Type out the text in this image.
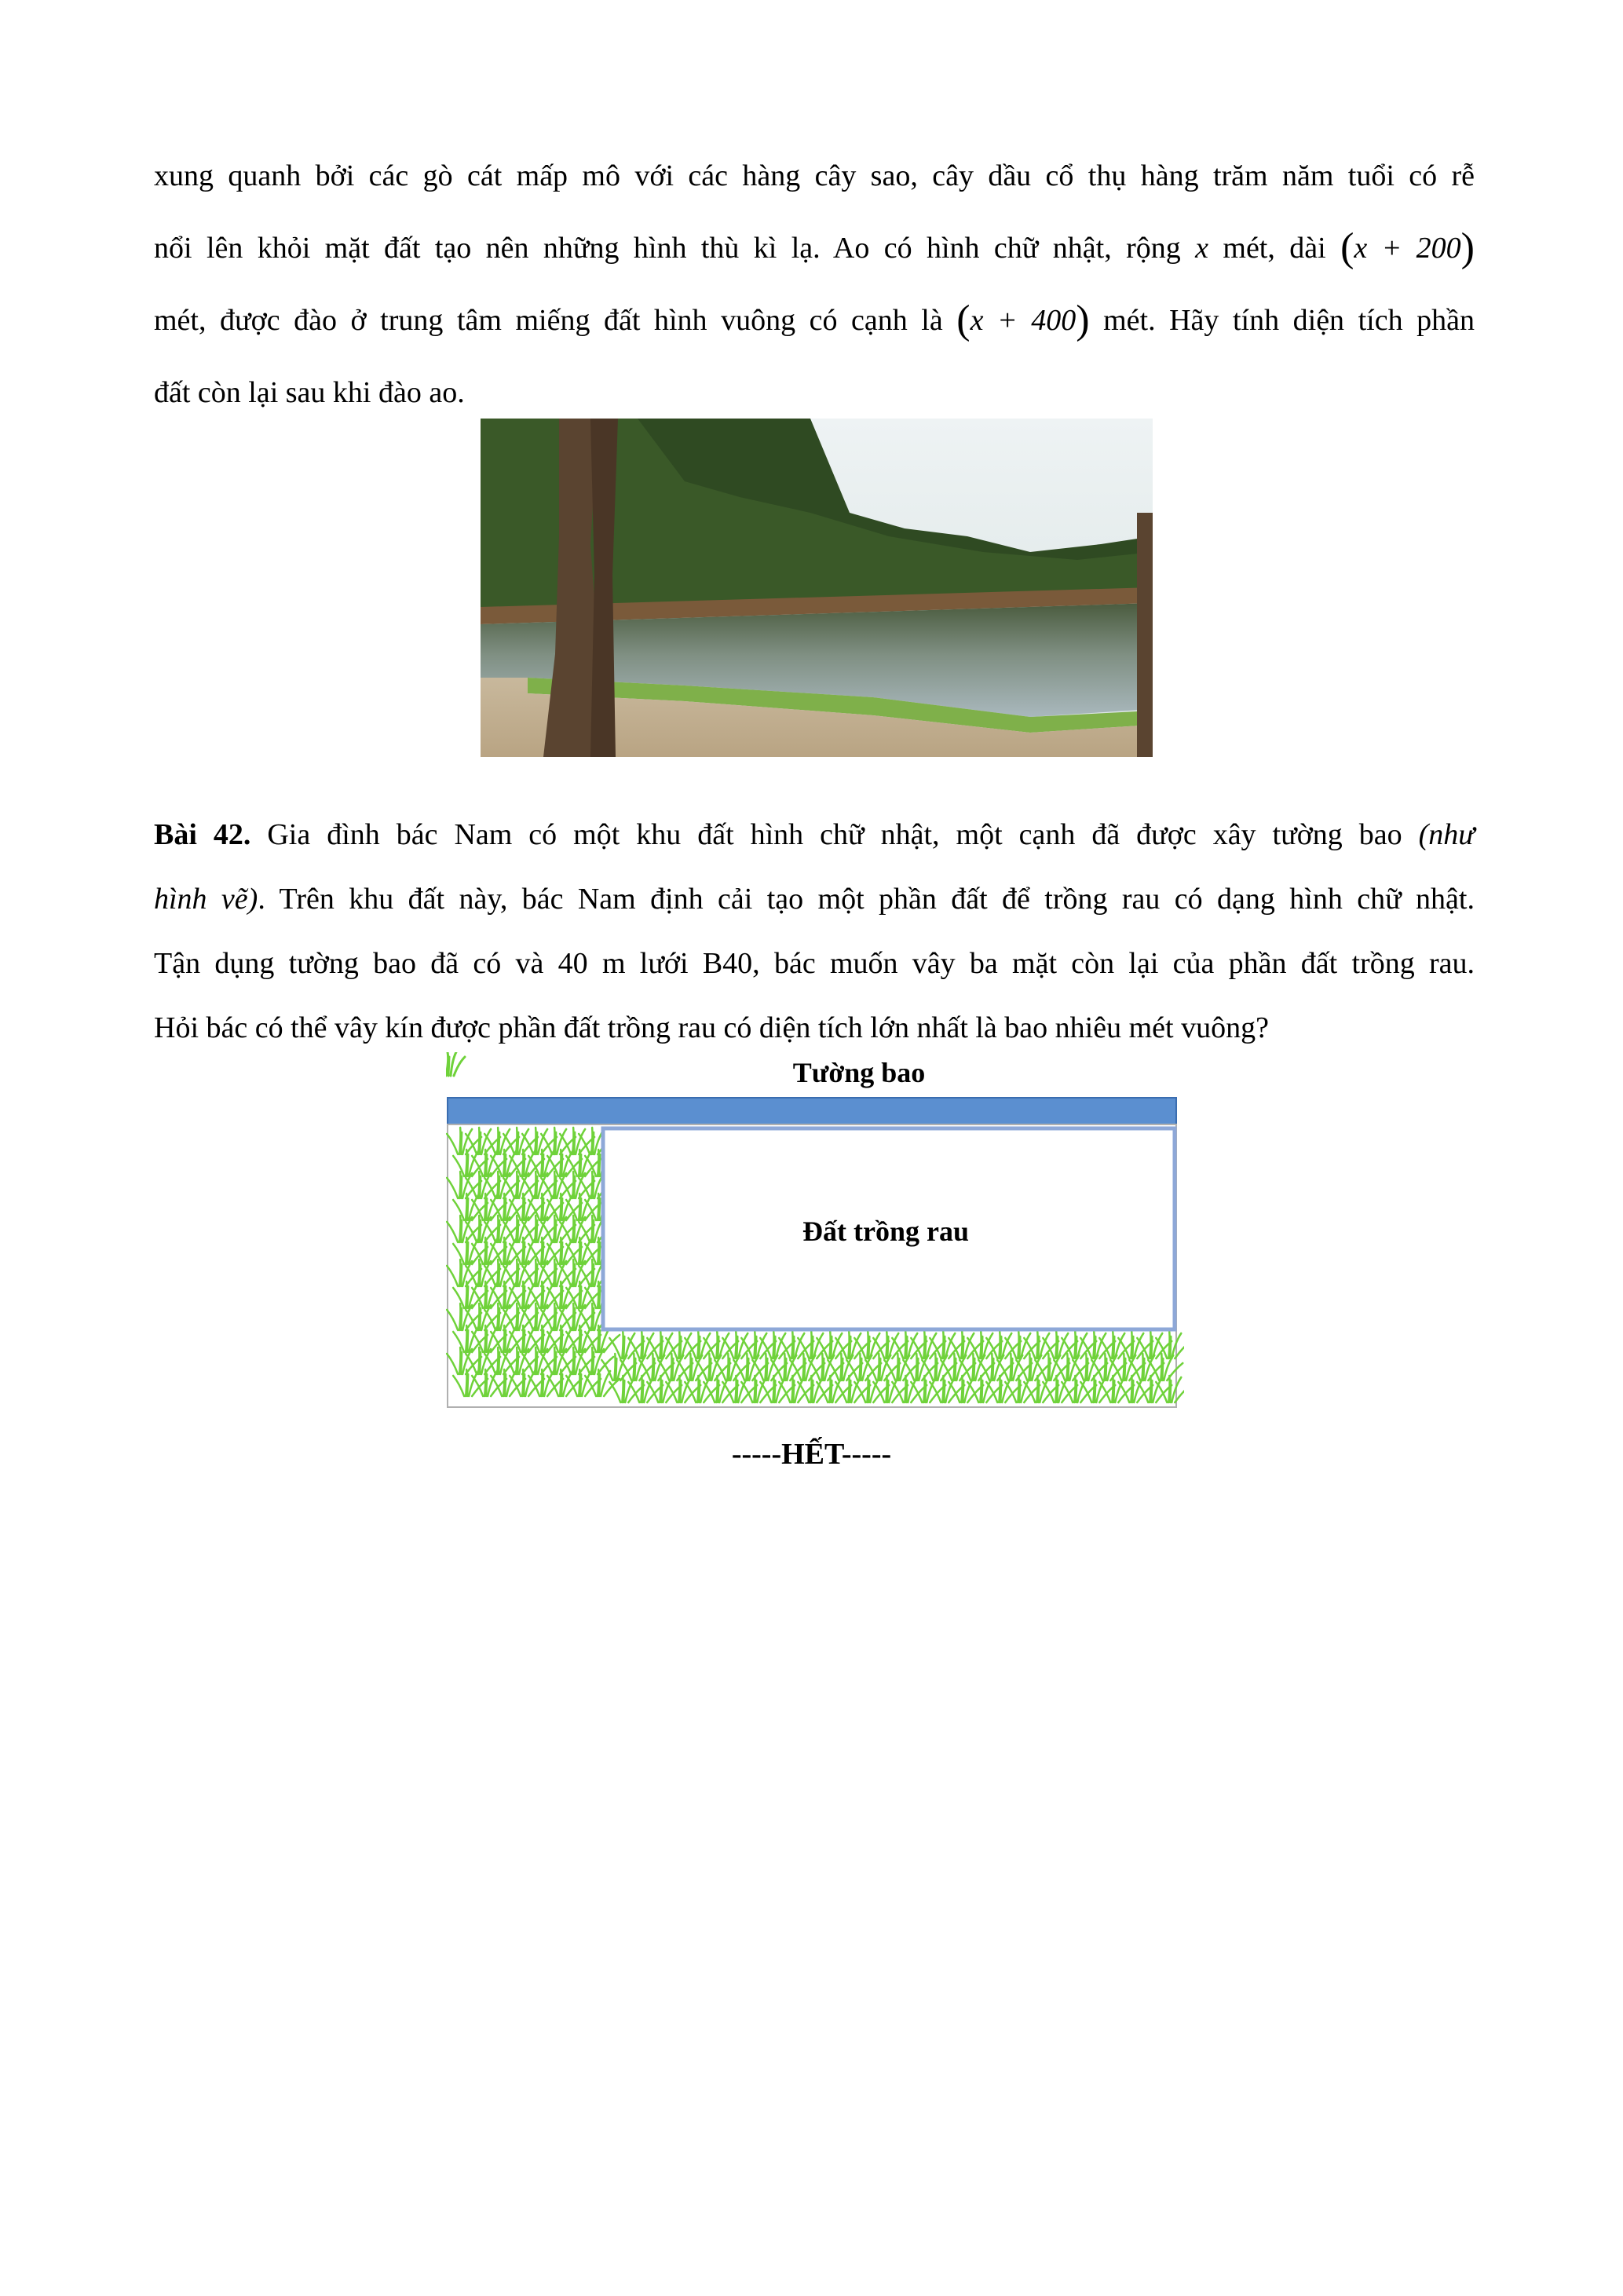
xung quanh bởi các gò cát mấp mô với các hàng cây sao, cây dầu cổ thụ hàng trăm năm tuổi có rễ
nổi lên khỏi mặt đất tạo nên những hình thù kì lạ. Ao có hình chữ nhật, rộng x mét, dài (x + 200)
mét, được đào ở trung tâm miếng đất hình vuông có cạnh là (x + 400) mét. Hãy tính diện tích phần
đất còn lại sau khi đào ao.
Bài 42. Gia đình bác Nam có một khu đất hình chữ nhật, một cạnh đã được xây tường bao (như
hình vẽ). Trên khu đất này, bác Nam định cải tạo một phần đất để trồng rau có dạng hình chữ nhật.
Tận dụng tường bao đã có và 40 m lưới B40, bác muốn vây ba mặt còn lại của phần đất trồng rau.
Hỏi bác có thể vây kín được phần đất trồng rau có diện tích lớn nhất là bao nhiêu mét vuông?
Tường bao
Đất trồng rau
-----HẾT-----
